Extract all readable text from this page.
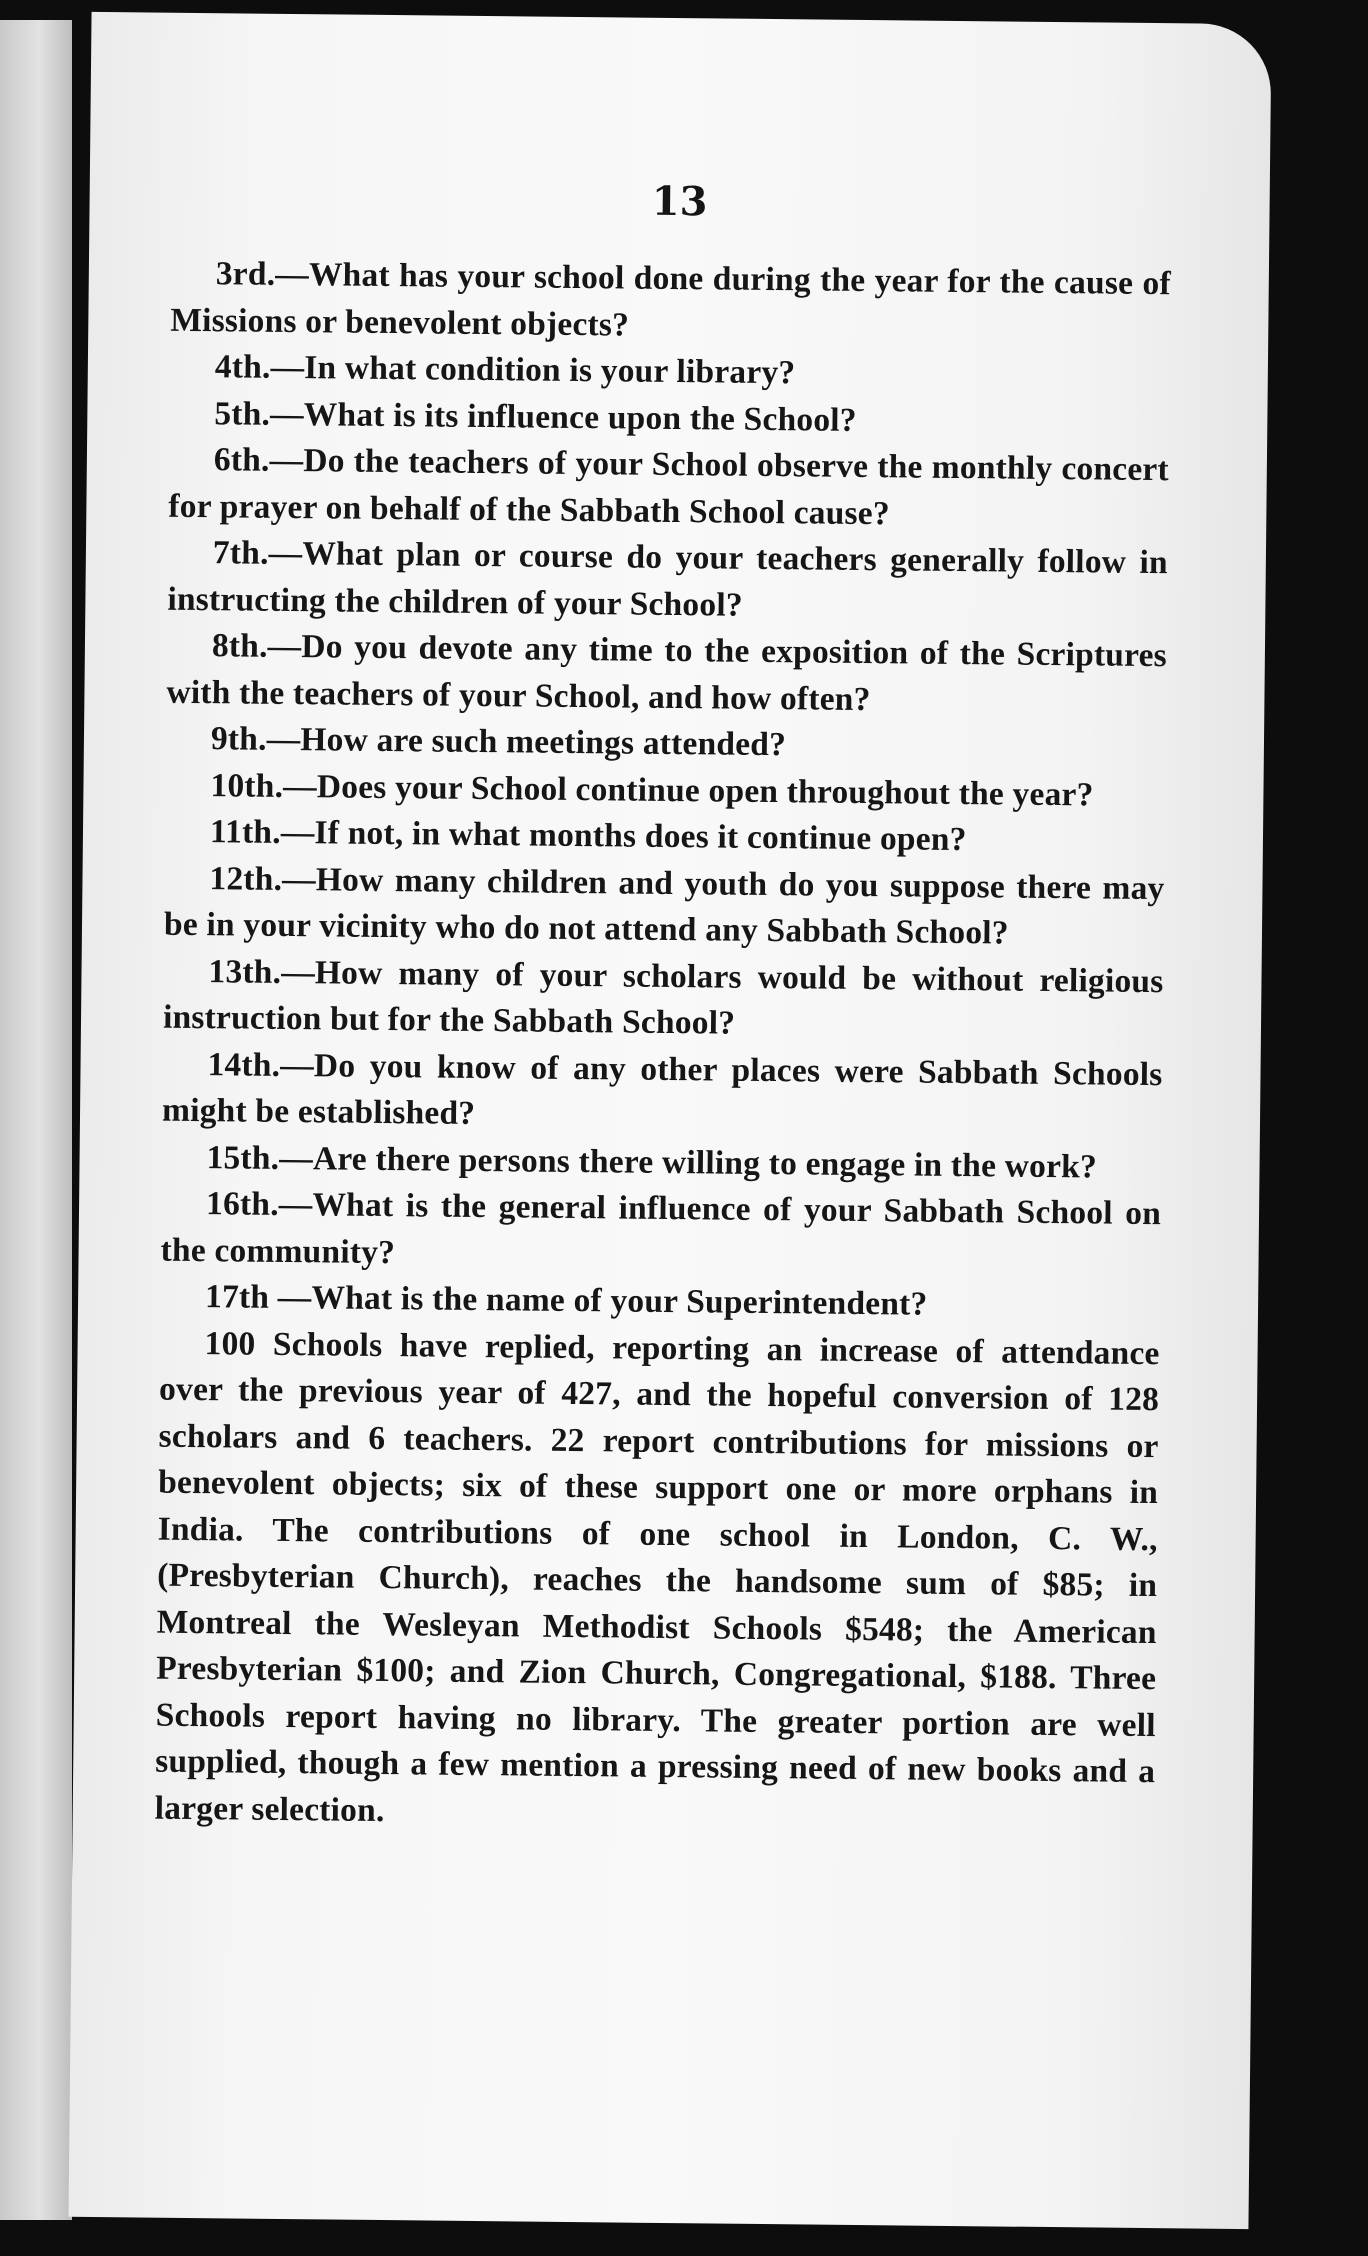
13

3rd.—What has your school done during the year for the cause of Missions or benevolent objects?

4th.—In what condition is your library?

5th.—What is its influence upon the School?

6th.—Do the teachers of your School observe the monthly concert for prayer on behalf of the Sabbath School cause?

7th.—What plan or course do your teachers generally follow in instructing the children of your School?

8th.—Do you devote any time to the exposition of the Scriptures with the teachers of your School, and how often?

9th.—How are such meetings attended?

10th.—Does your School continue open throughout the year?

11th.—If not, in what months does it continue open?

12th.—How many children and youth do you suppose there may be in your vicinity who do not attend any Sabbath School?

13th.—How many of your scholars would be without religious instruction but for the Sabbath School?

14th.—Do you know of any other places were Sabbath Schools might be established?

15th.—Are there persons there willing to engage in the work?

16th.—What is the general influence of your Sabbath School on the community?

17th —What is the name of your Superintendent?

100 Schools have replied, reporting an increase of attendance over the previous year of 427, and the hopeful conversion of 128 scholars and 6 teachers. 22 report contributions for missions or benevolent objects; six of these support one or more orphans in India. The contributions of one school in London, C. W., (Presbyterian Church), reaches the handsome sum of $85; in Montreal the Wesleyan Methodist Schools $548; the American Presbyterian $100; and Zion Church, Congregational, $188. Three Schools report having no library. The greater portion are well supplied, though a few mention a pressing need of new books and a larger selection.
